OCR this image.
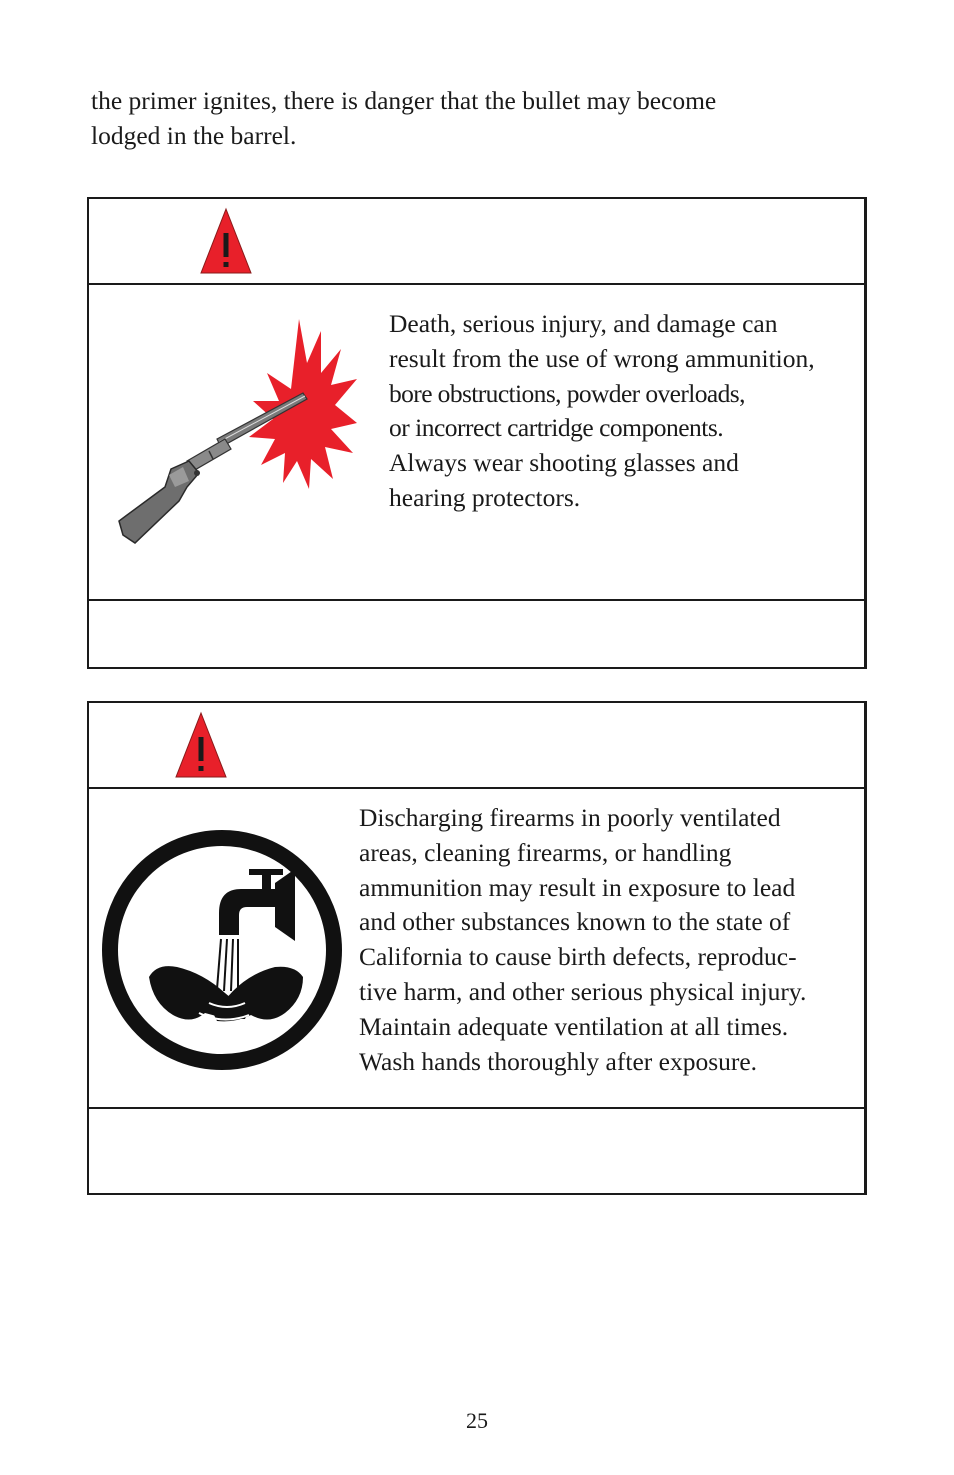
the primer ignites, there is danger that the bullet may become
lodged in the barrel.

Death, serious injury, and damage can
result from the use of wrong ammunition,
bore obstructions, powder overloads,
or incorrect cartridge components.
Always wear shooting glasses and
hearing protectors.

Discharging firearms in poorly ventilated
areas, cleaning firearms, or handling
ammunition may result in exposure to lead
and other substances known to the state of
California to cause birth defects, reproduc-
tive harm, and other serious physical injury.
Maintain adequate ventilation at all times.
Wash hands thoroughly after exposure.

25
